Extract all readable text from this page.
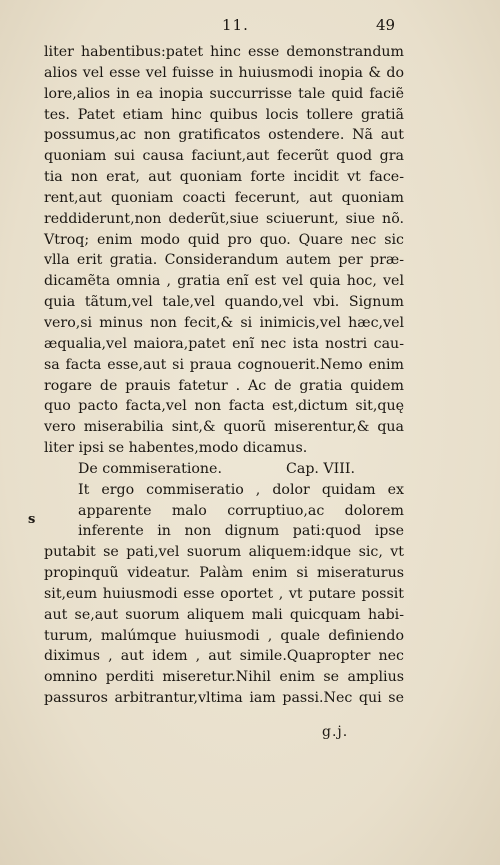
11.	49
liter habentibus:patet hinc esse demonstrandum
alios vel esse vel fuisse in huiusmodi inopia & do
lore,alios in ea inopia succurrisse tale quid faciẽ
tes. Patet etiam hinc quibus locis tollere gratiã
possumus,ac non gratificatos ostendere. Nã aut
quoniam sui causa faciunt,aut fecerũt quod gra
tia non erat, aut quoniam forte incidit vt face-
rent,aut quoniam coacti fecerunt, aut quoniam
reddiderunt,non dederũt,siue sciuerunt, siue nõ.
Vtroq; enim modo quid pro quo. Quare nec sic
vlla erit gratia. Considerandum autem per præ-
dicamẽta omnia , gratia enĩ est vel quia hoc, vel
quia tãtum,vel tale,vel quando,vel vbi. Signum
vero,si minus non fecit,& si inimicis,vel hæc,vel
æqualia,vel maiora,patet enĩ nec ista nostri cau-
sa facta esse,aut si praua cognouerit.Nemo enim
rogare de prauis fatetur . Ac de gratia quidem
quo pacto facta,vel non facta est,dictum sit,quę
vero miserabilia sint,& quorũ miserentur,& qua
liter ipsi se habentes,modo dicamus.
De commiseratione.	Cap. VIII.
It ergo commiseratio , dolor quidam ex
apparente malo corruptiuo,ac dolorem
inferente in non dignum pati:quod ipse
putabit se pati,vel suorum aliquem:idque sic, vt
propinquũ videatur. Palàm enim si miseraturus
sit,eum huiusmodi esse oportet , vt putare possit
aut se,aut suorum aliquem mali quicquam habi-
turum, malúmque huiusmodi , quale definiendo
diximus , aut idem , aut simile.Quapropter nec
omnino perditi miseretur.Nihil enim se amplius
passuros arbitrantur,vltima iam passi.Nec qui se
s
g.j.
